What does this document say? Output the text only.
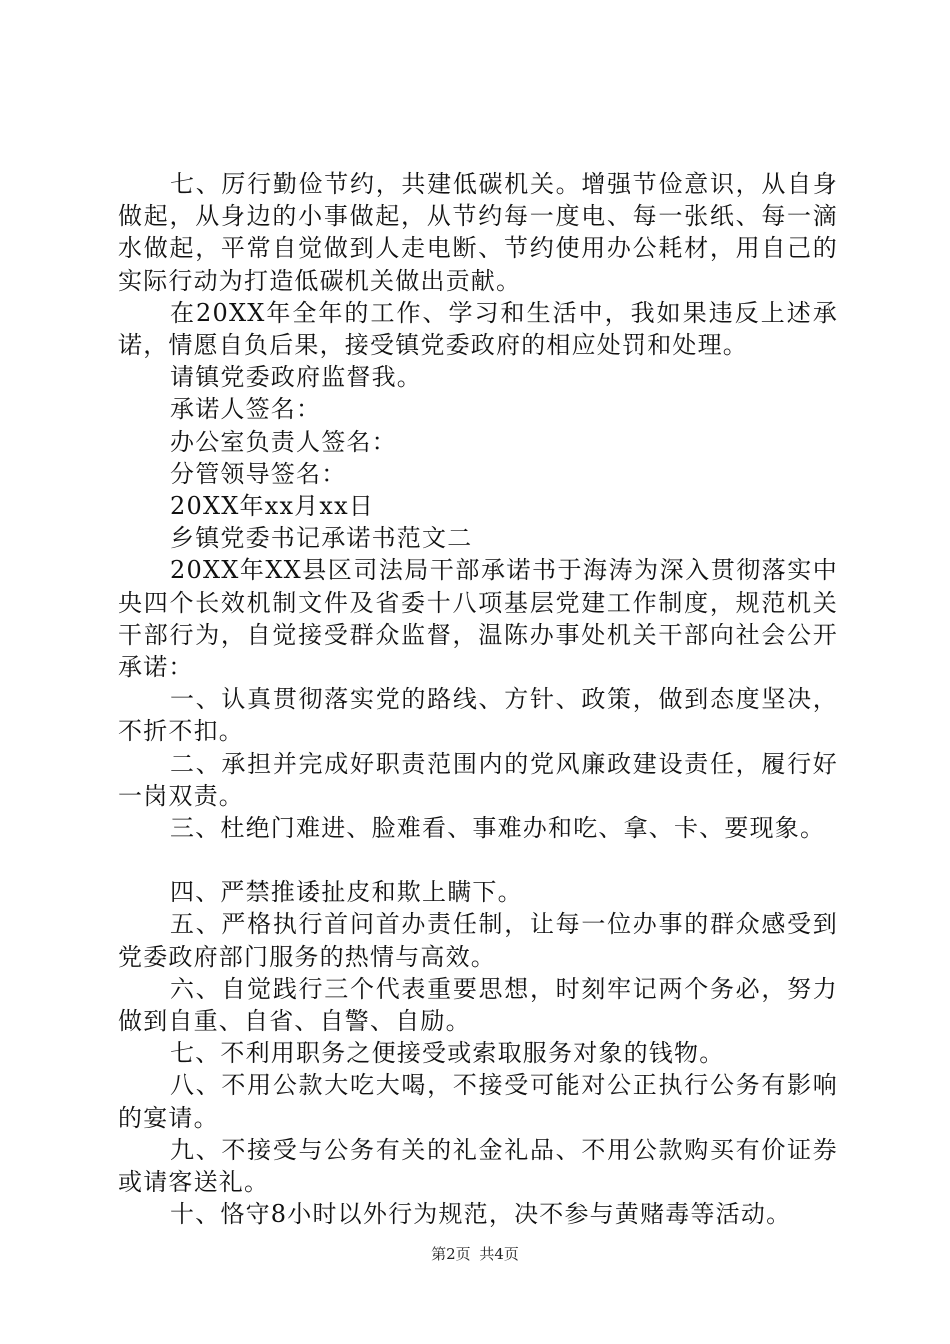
七、厉行勤俭节约，共建低碳机关。增强节俭意识，从自身做起，从身边的小事做起，从节约每一度电、每一张纸、每一滴水做起，平常自觉做到人走电断、节约使用办公耗材，用自己的实际行动为打造低碳机关做出贡献。

在20XX年全年的工作、学习和生活中，我如果违反上述承诺，情愿自负后果，接受镇党委政府的相应处罚和处理。

请镇党委政府监督我。

承诺人签名：

办公室负责人签名：

分管领导签名：

20XX年xx月xx日

乡镇党委书记承诺书范文二

20XX年XX县区司法局干部承诺书于海涛为深入贯彻落实中央四个长效机制文件及省委十八项基层党建工作制度，规范机关干部行为，自觉接受群众监督，温陈办事处机关干部向社会公开承诺：

一、认真贯彻落实党的路线、方针、政策，做到态度坚决，不折不扣。

二、承担并完成好职责范围内的党风廉政建设责任，履行好一岗双责。

三、杜绝门难进、脸难看、事难办和吃、拿、卡、要现象。

四、严禁推诿扯皮和欺上瞒下。

五、严格执行首问首办责任制，让每一位办事的群众感受到党委政府部门服务的热情与高效。

六、自觉践行三个代表重要思想，时刻牢记两个务必，努力做到自重、自省、自警、自励。

七、不利用职务之便接受或索取服务对象的钱物。

八、不用公款大吃大喝，不接受可能对公正执行公务有影响的宴请。

九、不接受与公务有关的礼金礼品、不用公款购买有价证券或请客送礼。

十、恪守8小时以外行为规范，决不参与黄赌毒等活动。

第2页 共4页
